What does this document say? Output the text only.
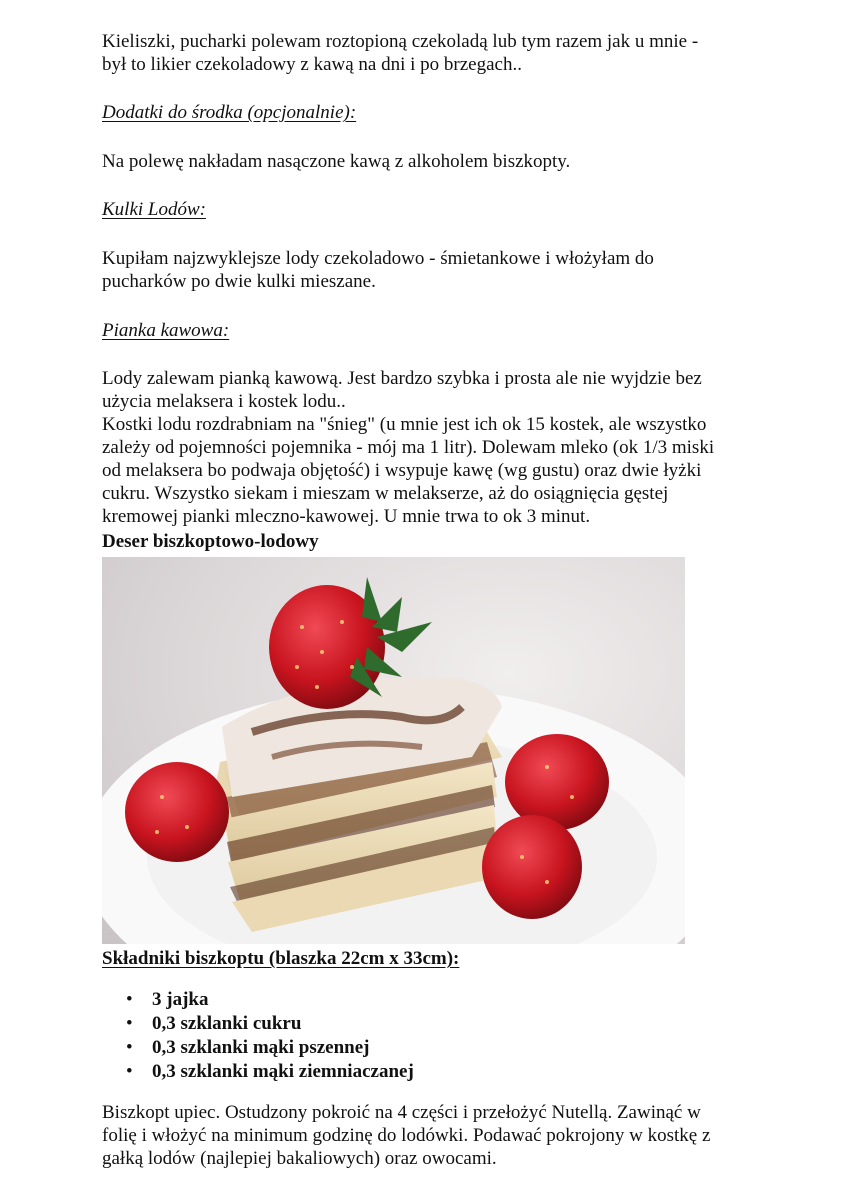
Kieliszki, pucharki polewam roztopioną czekoladą lub tym razem jak u mnie -

był to likier czekoladowy z kawą na dni i po brzegach..

Dodatki do środka (opcjonalnie):

Na polewę nakładam nasączone kawą z alkoholem biszkopty.

Kulki Lodów:

Kupiłam najzwyklejsze lody czekoladowo - śmietankowe i włożyłam do

pucharków po dwie kulki mieszane.

Pianka kawowa:

Lody zalewam pianką kawową. Jest bardzo szybka i prosta ale nie wyjdzie bez

użycia melaksera i kostek lodu..

Kostki lodu rozdrabniam na "śnieg" (u mnie jest ich ok 15 kostek, ale wszystko

zależy od pojemności pojemnika - mój ma 1 litr). Dolewam mleko (ok 1/3 miski

od melaksera bo podwaja objętość) i wsypuje kawę (wg gustu) oraz dwie łyżki

cukru. Wszystko siekam i mieszam w melakserze, aż do osiągnięcia gęstej

kremowej pianki mleczno-kawowej. U mnie trwa to ok 3 minut.

Deser biszkoptowo-lodowy

Składniki biszkoptu (blaszka 22cm x 33cm):

• 3 jajka
• 0,3 szklanki cukru
• 0,3 szklanki mąki pszennej
• 0,3 szklanki mąki ziemniaczanej

Biszkopt upiec. Ostudzony pokroić na 4 części i przełożyć Nutellą. Zawinąć w

folię i włożyć na minimum godzinę do lodówki. Podawać pokrojony w kostkę z

gałką lodów (najlepiej bakaliowych) oraz owocami.
